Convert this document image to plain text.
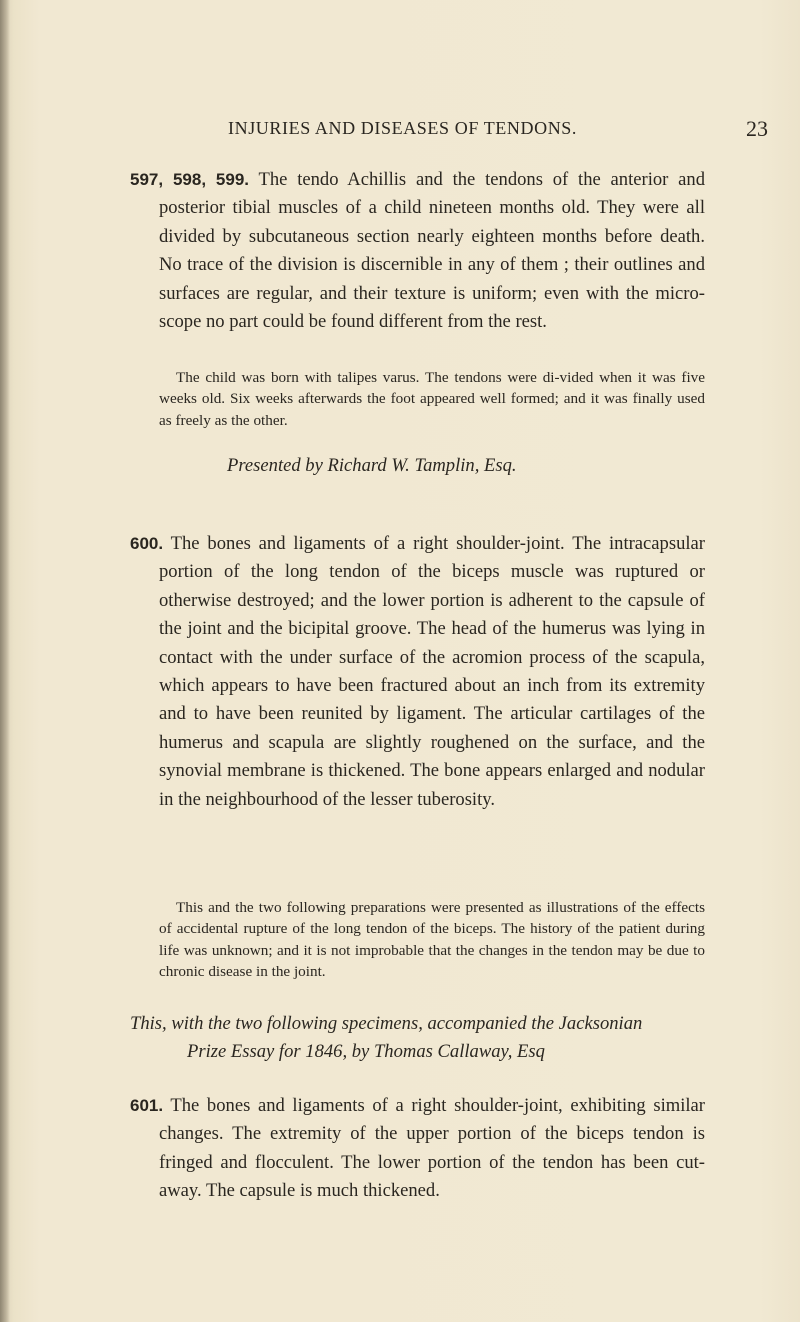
INJURIES AND DISEASES OF TENDONS.	23

597, 598, 599. The tendo Achillis and the tendons of the anterior and posterior tibial muscles of a child nineteen months old. They were all divided by subcutaneous section nearly eighteen months before death. No trace of the division is discernible in any of them ; their outlines and surfaces are regular, and their texture is uniform; even with the micro-scope no part could be found different from the rest.

The child was born with talipes varus. The tendons were di-vided when it was five weeks old. Six weeks afterwards the foot appeared well formed; and it was finally used as freely as the other.

Presented by Richard W. Tamplin, Esq.

600. The bones and ligaments of a right shoulder-joint. The intracapsular portion of the long tendon of the biceps muscle was ruptured or otherwise destroyed; and the lower portion is adherent to the capsule of the joint and the bicipital groove. The head of the humerus was lying in contact with the under surface of the acromion process of the scapula, which appears to have been fractured about an inch from its extremity and to have been reunited by ligament. The articular cartilages of the humerus and scapula are slightly roughened on the surface, and the synovial membrane is thickened. The bone appears enlarged and nodular in the neighbourhood of the lesser tuberosity.

This and the two following preparations were presented as illustrations of the effects of accidental rupture of the long tendon of the biceps. The history of the patient during life was unknown; and it is not improbable that the changes in the tendon may be due to chronic disease in the joint.

This, with the two following specimens, accompanied the Jacksonian

Prize Essay for 1846, by Thomas Callaway, Esq

601. The bones and ligaments of a right shoulder-joint, exhibiting similar changes. The extremity of the upper portion of the biceps tendon is fringed and flocculent. The lower portion of the tendon has been cut-away. The capsule is much thickened.
